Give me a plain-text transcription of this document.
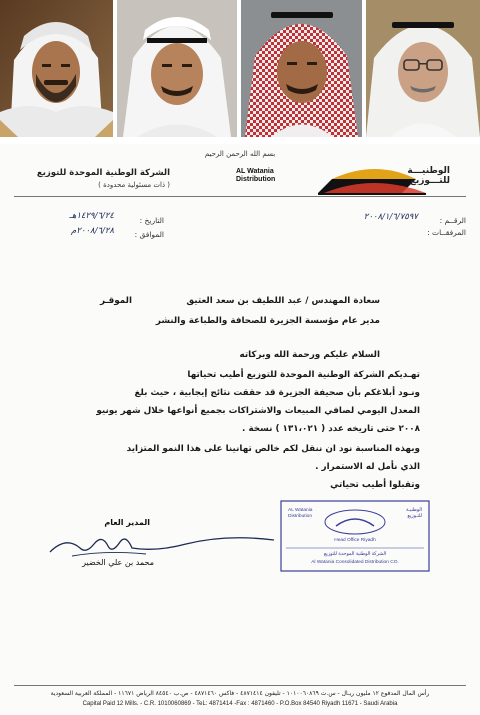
بسم الله الرحمن الرحيم
الشركة الوطنية الموحدة للتوزيع
( ذات مسئولية محدودة )
AL Watania
Distribution
الوطنيـــة
للتـــوزيع
الرقــم :
٢٠٠٨/١/٦/٧٥٩٧
المرفقــات :
التاريخ :
١٤٢٩/٦/٢٤هـ
الموافق :
٢٠٠٨/٦/٢٨م
سعادة المهندس / عبد اللطيف بن سعد العتيق
الموقـر
مدير عام مؤسسة الجزيرة للصحافة والطباعة والنشر
السلام عليكم ورحمة الله وبركاته
تهـديكم الشركة الوطنية الموحدة للتوزيع أطيب تحياتها
ونـود أبلاغكم بأن صحيفة الجزيرة قد حققت نتائج إيجابية ، حيث بلغ
المعدل اليومي لصافي المبيعات والاشتراكات بجميع أنواعها خلال شهر يونيو
٢٠٠٨ حتى تاريخه عدد ( ١٣١،٠٢١ ) نسخة .
وبهذه المناسبة نود ان ننقل لكم خالص تهانينا على هذا النمو المتزايد
الذي نأمل له الاستمرار .
وتقبلوا أطيب تحياتي
المدير العام
محمد بن علي الخضير
AL Watania
Distribution
الوطنيـة
للتـوزيع
Head Office Riyadh
الشركة الوطنية الموحدة للتوزيع
Al Watania Consolidated Distribution CO.
رأس المال المدفوع ١٢ مليون ريـال - س.ت ١٠١٠٠٦٠٨٦٩ - تليفون ٤٨٧١٤١٤ - فاكس ٤٨٧١٤٦٠ - ص.ب ٨٤٥٤٠ الرياض ١١٦٧١ - المملكة العربية السعودية
Capital Paid 12 Mills. - C.R. 1010060869 - TeL: 4871414 -Fax : 4871460 - P.O.Box 84540 Riyadh 11671 - Saudi Arabia
